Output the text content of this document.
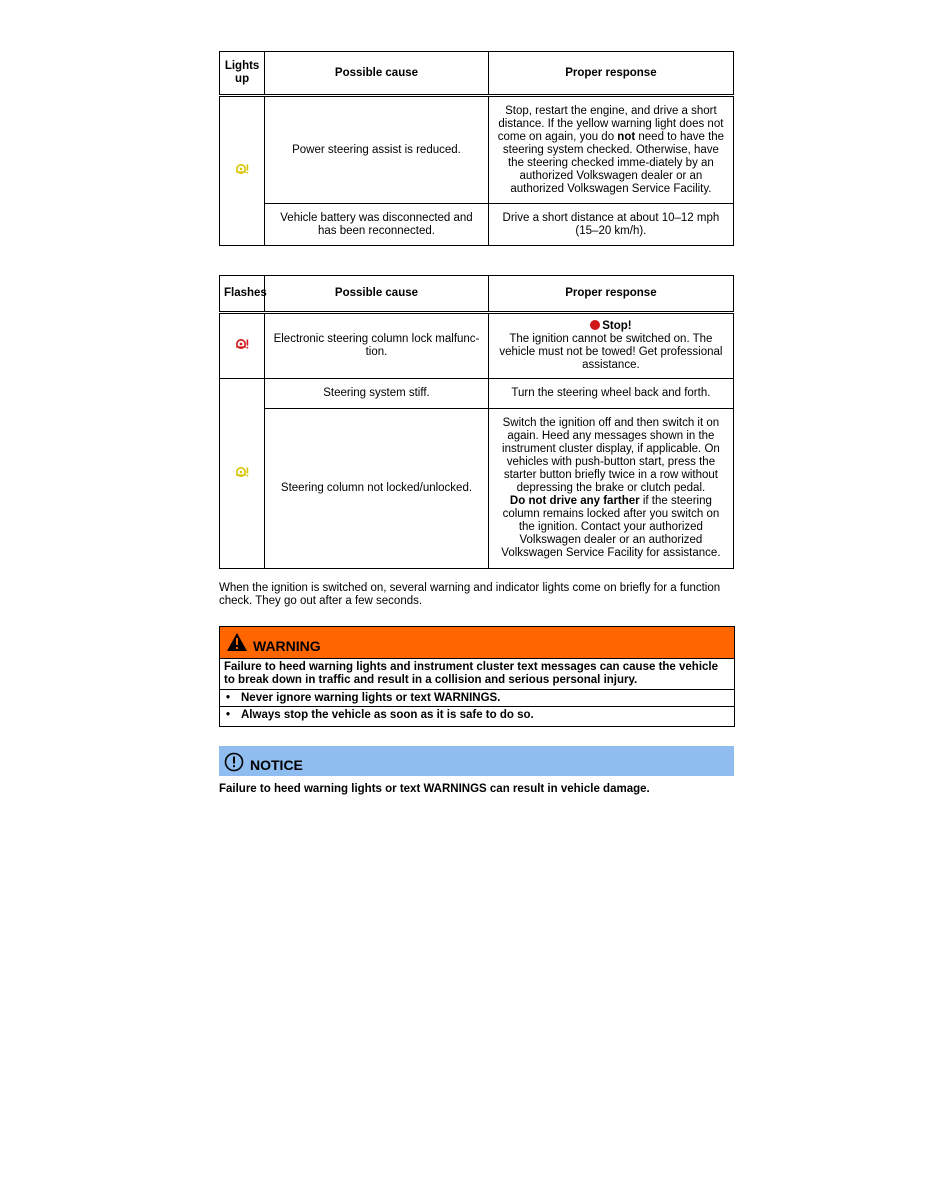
Lights up	Possible cause	Proper response
	Power steering assist is reduced.	Stop, restart the engine, and drive a short distance. If the yellow warning light does not come on again, you do not need to have the steering system checked. Otherwise, have the steering checked imme-diately by an authorized Volkswagen dealer or an authorized Volkswagen Service Facility.
	Vehicle battery was disconnected and has been reconnected.	Drive a short distance at about 10–12 mph (15–20 km/h).
Flashes	Possible cause	Proper response
	Electronic steering column lock malfunc-tion.	Stop!
The ignition cannot be switched on. The vehicle must not be towed! Get professional assistance.

	Steering system stiff.	Turn the steering wheel back and forth.
	Steering column not locked/unlocked.	Switch the ignition off and then switch it on again. Heed any messages shown in the instrument cluster display, if applicable. On vehicles with push-button start, press the starter button briefly twice in a row without depressing the brake or clutch pedal.
Do not drive any farther if the steering column remains locked after you switch on the ignition. Contact your authorized Volkswagen dealer or an authorized Volkswagen Service Facility for assistance.
When the ignition is switched on, several warning and indicator lights come on briefly for a function check. They go out after a few seconds.
WARNING
Failure to heed warning lights and instrument cluster text messages can cause the vehicle to break down in traffic and result in a collision and serious personal injury.
• Never ignore warning lights or text WARNINGS.
• Always stop the vehicle as soon as it is safe to do so.
NOTICE
Failure to heed warning lights or text WARNINGS can result in vehicle damage.
